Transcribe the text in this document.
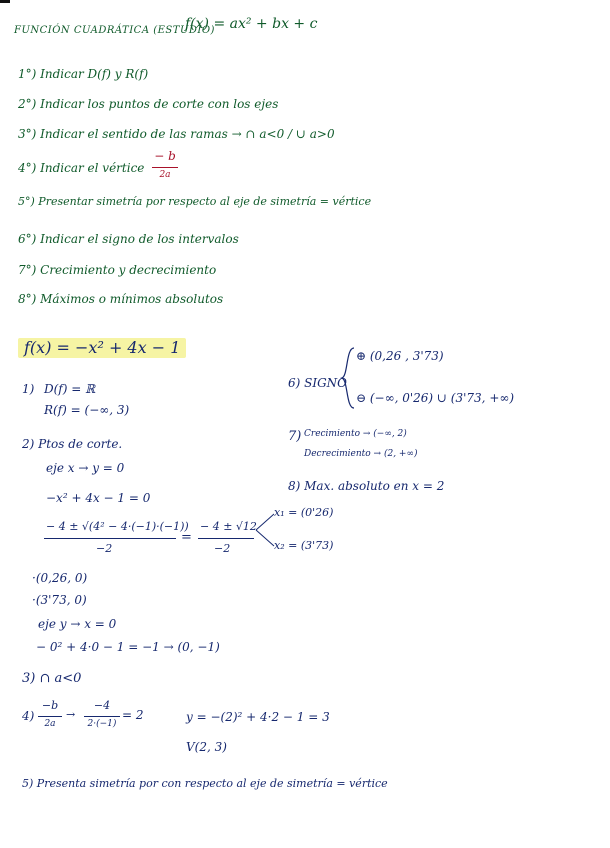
FUNCIÓN CUADRÁTICA (ESTUDIO)
f(x) = ax² + bx + c
1°) Indicar D(f) y R(f)
2°) Indicar los puntos de corte con los ejes
3°) Indicar el sentido de las ramas → ∩ a<0 / ∪ a>0
4°) Indicar el vértice
− b
2a
5°) Presentar simetría por respecto al eje de simetría = vértice
6°) Indicar el signo de los intervalos
7°) Crecimiento y decrecimiento
8°) Máximos o mínimos absolutos
f(x) = −x² + 4x − 1
1) D(f) = ℝ
R(f) = (−∞, 3)
2) Ptos de corte.
eje x → y = 0
−x² + 4x − 1 = 0
− 4 ± √(4² − 4·(−1)·(−1))
−2
=
− 4 ± √12
−2
x₁ = (0'26)
x₂ = (3'73)
·(0,26, 0)
·(3'73, 0)
eje y → x = 0
− 0² + 4·0 − 1 = −1 → (0, −1)
3) ∩ a<0
4)
−b
2a
→
−4
2·(−1)
= 2	y = −(2)² + 4·2 − 1 = 3
V(2, 3)
5) Presenta simetría por con respecto al eje de simetría = vértice
6) SIGNO
⊕ (0,26 , 3'73)
⊖ (−∞, 0'26) ∪ (3'73, +∞)
7) Crecimiento → (−∞, 2)
Decrecimiento → (2, +∞)
8) Max. absoluto en x = 2
